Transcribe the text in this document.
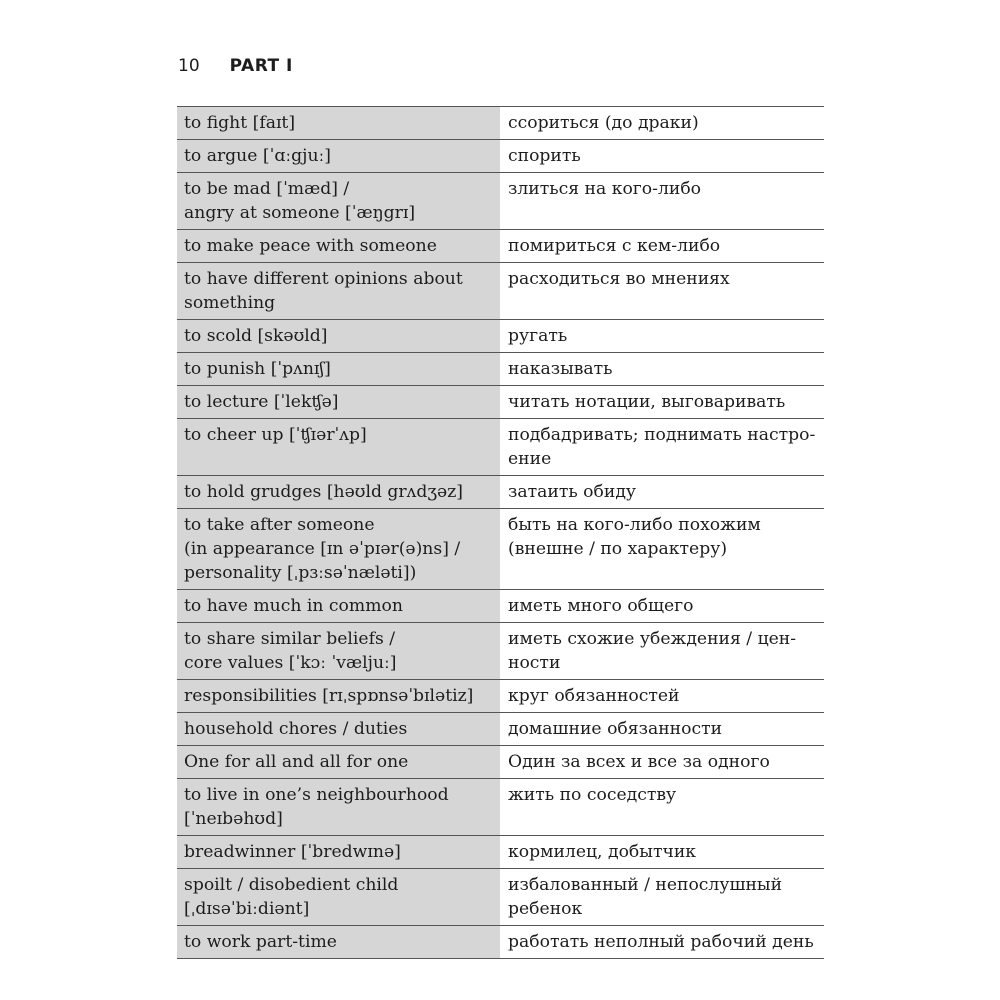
10 PART I
to fight [faɪt]	ссориться (до драки)
to argue [ˈɑːgjuː]	спорить
to be mad [ˈmæd] /
angry at someone [ˈæŋgrɪ]	злиться на кого-либо
to make peace with someone	помириться с кем-либо
to have different opinions about
something	расходиться во мнениях
to scold [skəʊld]	ругать
to punish [ˈpʌnɪʃ]	наказывать
to lecture [ˈlekʧə]	читать нотации, выговаривать
to cheer up [ˈʧɪərˈʌp]	подбадривать; поднимать настро-
ение
to hold grudges [həʊld grʌdʒəz]	затаить обиду
to take after someone
(in appearance [ɪn əˈpɪər(ə)ns] /
personality [ˌpɜːsəˈnæləti])	быть на кого-либо похожим
(внешне / по характеру)
to have much in common	иметь много общего
to share similar beliefs /
core values [ˈkɔː ˈvæljuː]	иметь схожие убеждения / цен-
ности
responsibilities [rɪˌspɒnsəˈbɪlətiz]	круг обязанностей
household chores / duties	домашние обязанности
One for all and all for one	Один за всех и все за одного
to live in one’s neighbourhood
[ˈneɪbəhʊd]	жить по соседству
breadwinner [ˈbredwɪnə]	кормилец, добытчик
spoilt / disobedient child
[ˌdɪsəˈbiːdiənt]	избалованный / непослушный
ребенок
to work part-time	работать неполный рабочий день
